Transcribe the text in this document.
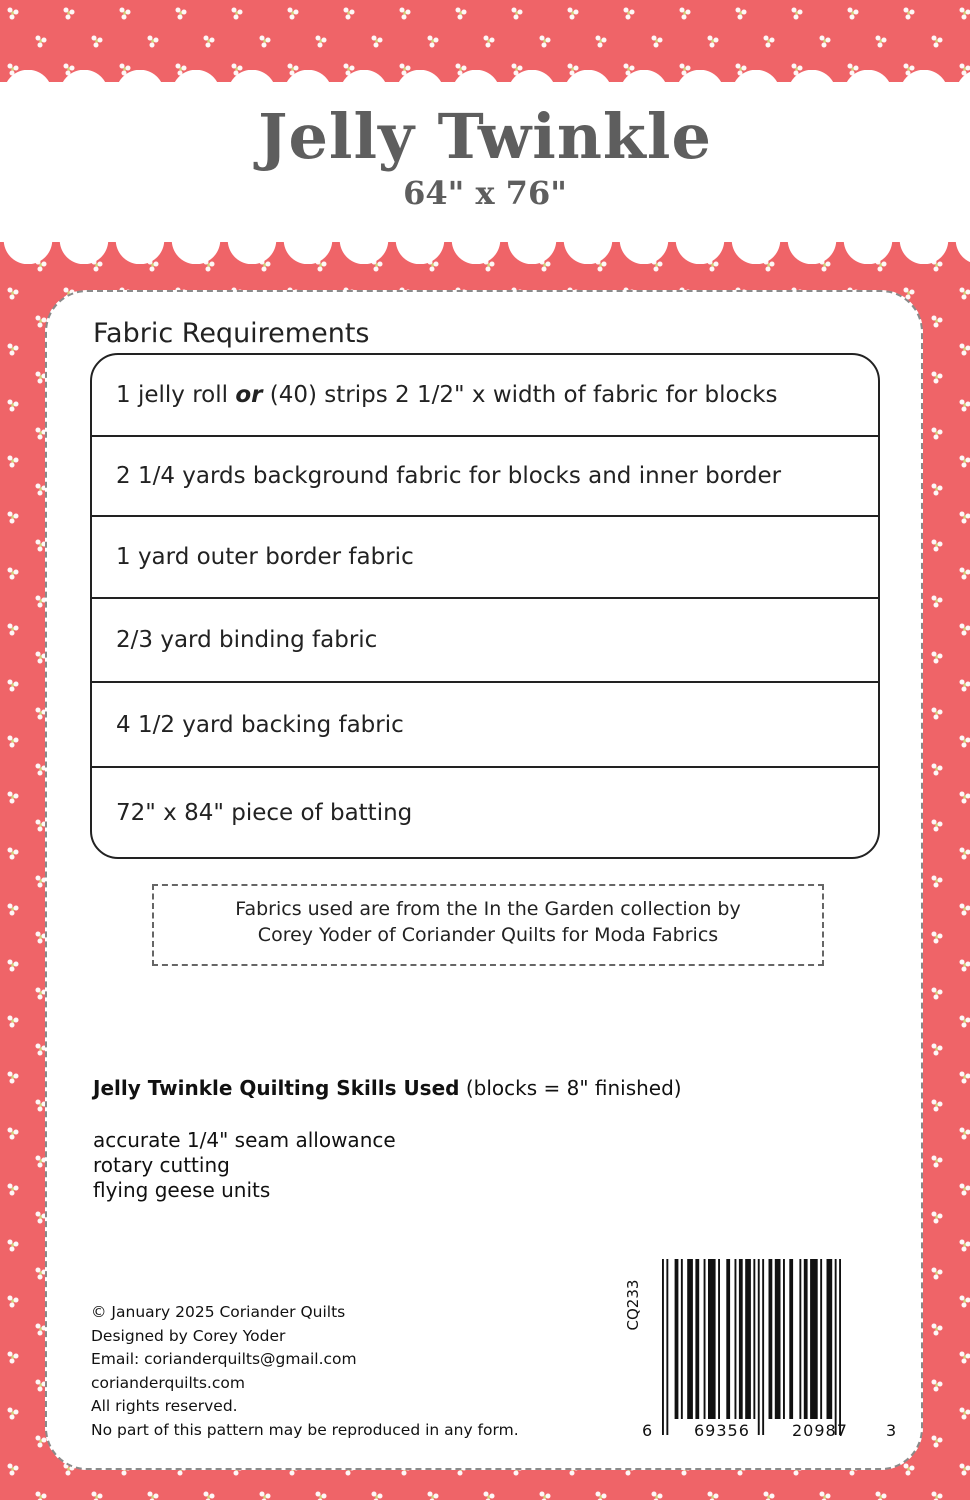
Jelly Twinkle
64" x 76"
Fabric Requirements
1 jelly roll or (40) strips 2 1/2" x width of fabric for blocks
2 1/4 yards background fabric for blocks and inner border
1 yard outer border fabric
2/3 yard binding fabric
4 1/2 yard backing fabric
72" x 84" piece of batting
Fabrics used are from the In the Garden collection by
Corey Yoder of Coriander Quilts for Moda Fabrics
Jelly Twinkle Quilting Skills Used (blocks = 8" finished)
accurate 1/4" seam allowance
rotary cutting
flying geese units
© January 2025 Coriander Quilts
Designed by Corey Yoder
Email: corianderquilts@gmail.com
corianderquilts.com
All rights reserved.
No part of this pattern may be reproduced in any form.
CQ233
6	69356	20987 3
